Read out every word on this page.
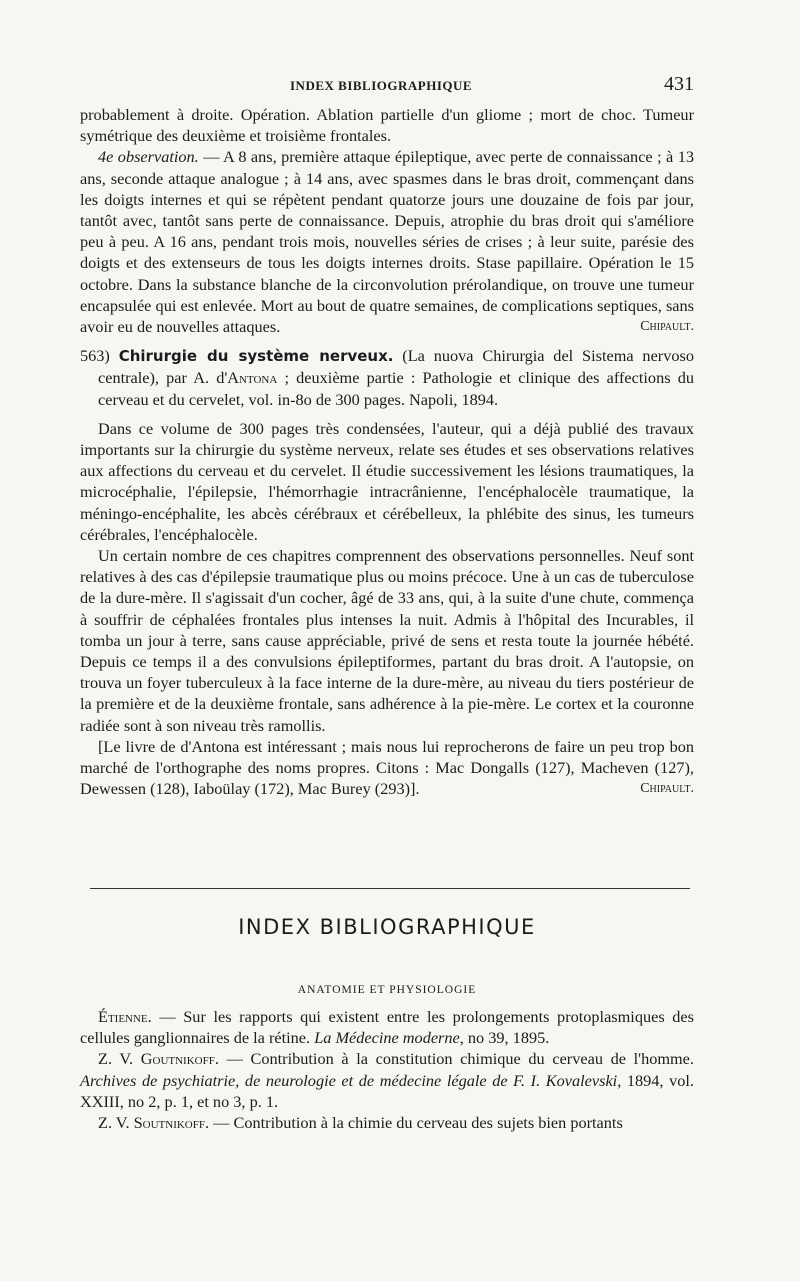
INDEX BIBLIOGRAPHIQUE	431

probablement à droite. Opération. Ablation partielle d'un gliome ; mort de choc. Tumeur symétrique des deuxième et troisième frontales.

4e observation. — A 8 ans, première attaque épileptique, avec perte de connaissance ; à 13 ans, seconde attaque analogue ; à 14 ans, avec spasmes dans le bras droit, commençant dans les doigts internes et qui se répètent pendant quatorze jours une douzaine de fois par jour, tantôt avec, tantôt sans perte de connaissance. Depuis, atrophie du bras droit qui s'améliore peu à peu. A 16 ans, pendant trois mois, nouvelles séries de crises ; à leur suite, parésie des doigts et des extenseurs de tous les doigts internes droits. Stase papillaire. Opération le 15 octobre. Dans la substance blanche de la circonvolution prérolandique, on trouve une tumeur encapsulée qui est enlevée. Mort au bout de quatre semaines, de complications septiques, sans avoir eu de nouvelles attaques.	Chipault.

563) Chirurgie du système nerveux. (La nuova Chirurgia del Sistema nervoso centrale), par A. d'Antona ; deuxième partie : Pathologie et clinique des affections du cerveau et du cervelet, vol. in-8o de 300 pages. Napoli, 1894.

Dans ce volume de 300 pages très condensées, l'auteur, qui a déjà publié des travaux importants sur la chirurgie du système nerveux, relate ses études et ses observations relatives aux affections du cerveau et du cervelet. Il étudie successivement les lésions traumatiques, la microcéphalie, l'épilepsie, l'hémorrhagie intracrânienne, l'encéphalocèle traumatique, la méningo-encéphalite, les abcès cérébraux et cérébelleux, la phlébite des sinus, les tumeurs cérébrales, l'encéphalocèle.

Un certain nombre de ces chapitres comprennent des observations personnelles. Neuf sont relatives à des cas d'épilepsie traumatique plus ou moins précoce. Une à un cas de tuberculose de la dure-mère. Il s'agissait d'un cocher, âgé de 33 ans, qui, à la suite d'une chute, commença à souffrir de céphalées frontales plus intenses la nuit. Admis à l'hôpital des Incurables, il tomba un jour à terre, sans cause appréciable, privé de sens et resta toute la journée hébété. Depuis ce temps il a des convulsions épileptiformes, partant du bras droit. A l'autopsie, on trouva un foyer tuberculeux à la face interne de la dure-mère, au niveau du tiers postérieur de la première et de la deuxième frontale, sans adhérence à la pie-mère. Le cortex et la couronne radiée sont à son niveau très ramollis.

[Le livre de d'Antona est intéressant ; mais nous lui reprocherons de faire un peu trop bon marché de l'orthographe des noms propres. Citons : Mac Dongalls (127), Macheven (127), Dewessen (128), Iaboülay (172), Mac Burey (293)].	Chipault.

INDEX BIBLIOGRAPHIQUE
ANATOMIE ET PHYSIOLOGIE

Étienne. — Sur les rapports qui existent entre les prolongements protoplasmiques des cellules ganglionnaires de la rétine. La Médecine moderne, no 39, 1895.

Z. V. Goutnikoff. — Contribution à la constitution chimique du cerveau de l'homme. Archives de psychiatrie, de neurologie et de médecine légale de F. I. Kovalevski, 1894, vol. XXIII, no 2, p. 1, et no 3, p. 1.

Z. V. Soutnikoff. — Contribution à la chimie du cerveau des sujets bien portants
